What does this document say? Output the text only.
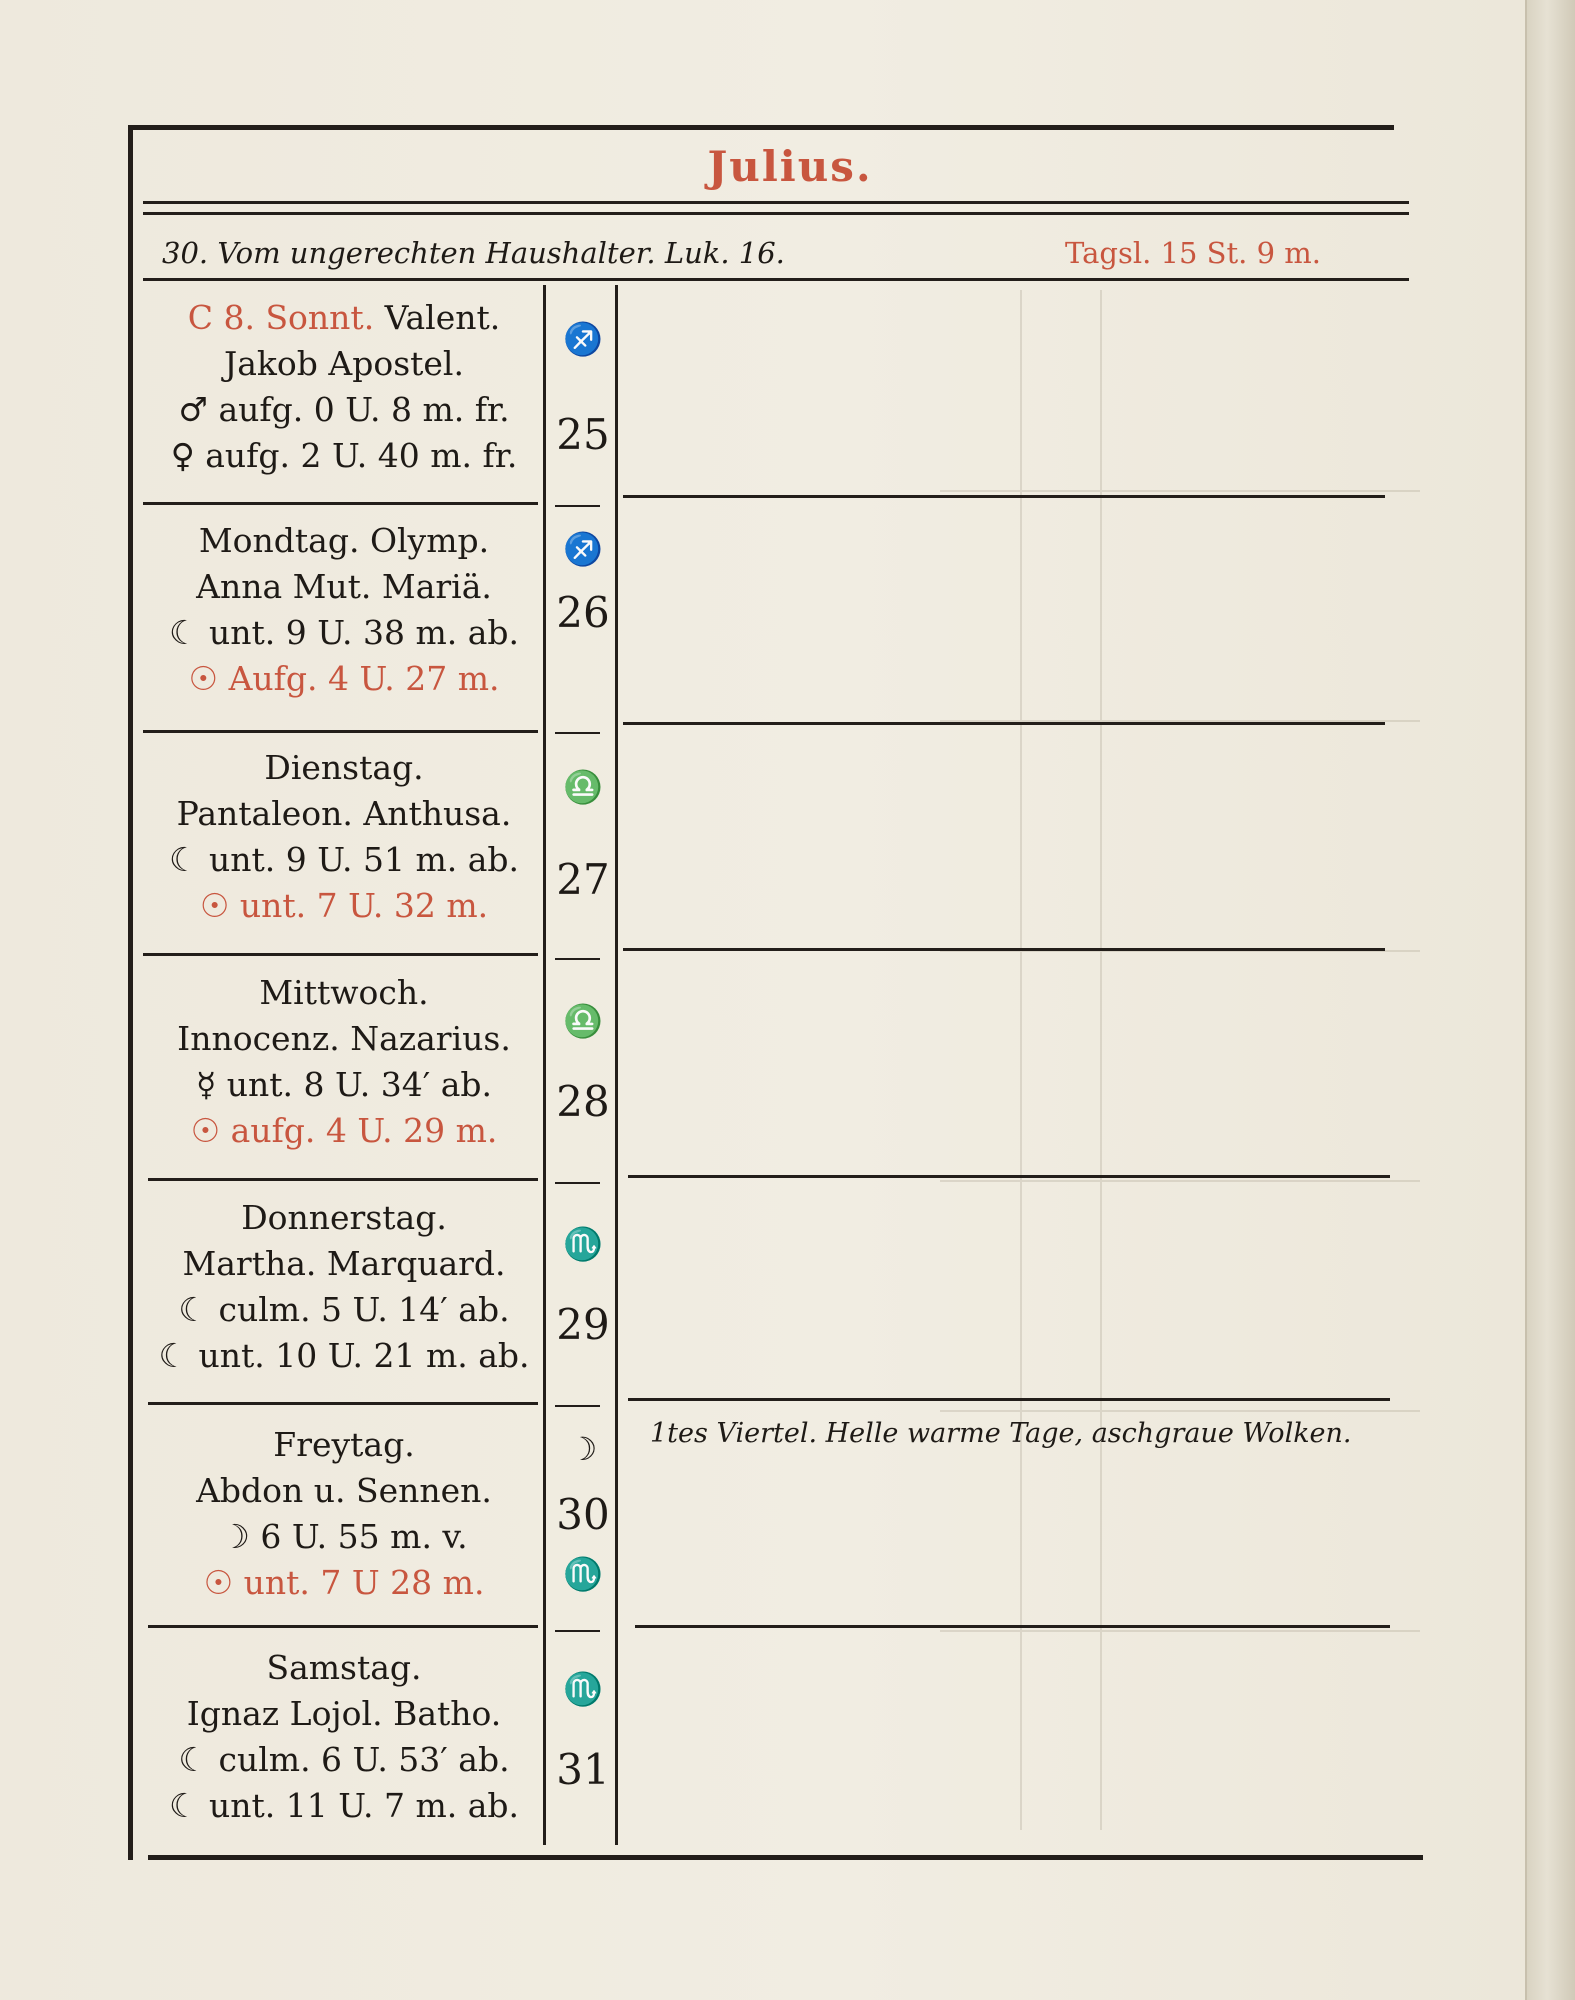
Julius.
30. Vom ungerechten Haushalter. Luk. 16.	Tagsl. 15 St. 9 m.
C 8. Sonnt. Valent.
Jakob Apostel.
♂ aufg. 0 U. 8 m. fr.
♀ aufg. 2 U. 40 m. fr.
♐
25
Mondtag. Olymp.
Anna Mut. Mariä.
☾ unt. 9 U. 38 m. ab.
☉ Aufg. 4 U. 27 m.
♐
26
Dienstag.
Pantaleon. Anthusa.
☾ unt. 9 U. 51 m. ab.
☉ unt. 7 U. 32 m.
♎
27
Mittwoch.
Innocenz. Nazarius.
☿ unt. 8 U. 34′ ab.
☉ aufg. 4 U. 29 m.
♎
28
Donnerstag.
Martha. Marquard.
☾ culm. 5 U. 14′ ab.
☾ unt. 10 U. 21 m. ab.
♏
29
Freytag.
Abdon u. Sennen.
☽ 6 U. 55 m. v.
☉ unt. 7 U 28 m.
☽
30
♏
Samstag.
Ignaz Lojol. Batho.
☾ culm. 6 U. 53′ ab.
☾ unt. 11 U. 7 m. ab.
♏
31
1tes Viertel. Helle warme Tage, aschgraue Wolken.
